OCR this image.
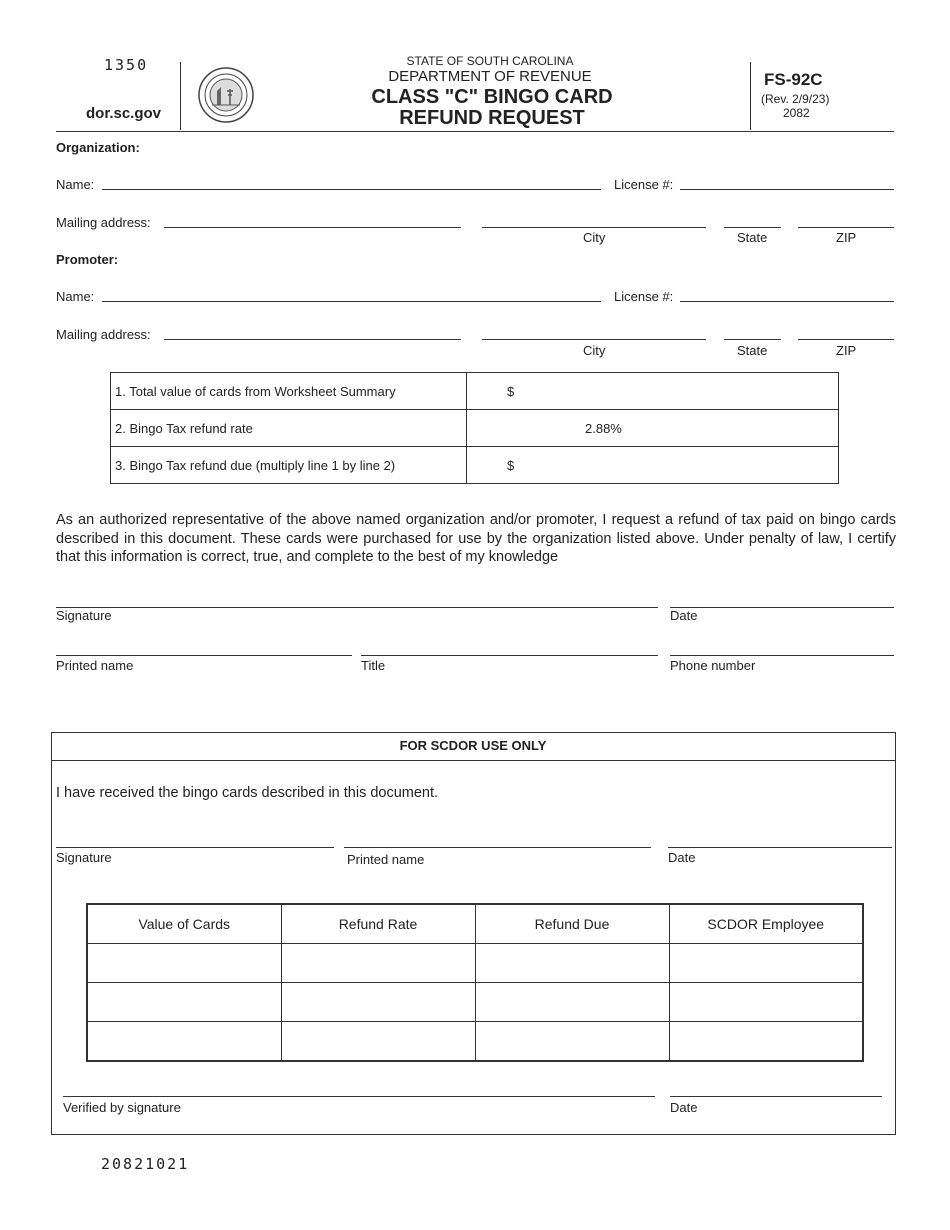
1350
dor.sc.gov
STATE OF SOUTH CAROLINA
DEPARTMENT OF REVENUE
CLASS "C" BINGO CARD
REFUND REQUEST
FS-92C
(Rev. 2/9/23)
2082
Organization:
Name:	License #:
Mailing address:
City	State	ZIP
Promoter:
Name:	License #:
Mailing address:
City	State	ZIP
1. Total value of cards from Worksheet Summary	$
2. Bingo Tax refund rate	2.88%
3. Bingo Tax refund due (multiply line 1 by line 2)	$
As an authorized representative of the above named organization and/or promoter, I request a refund of tax paid on bingo cards described in this document. These cards were purchased for use by the organization listed above. Under penalty of law, I certify that this information is correct, true, and complete to the best of my knowledge
Signature	Date
Printed name	Title	Phone number
FOR SCDOR USE ONLY
I have received the bingo cards described in this document.
Signature	Printed name	Date
Value of Cards	Refund Rate	Refund Due	SCDOR Employee

Verified by signature	Date
20821021
